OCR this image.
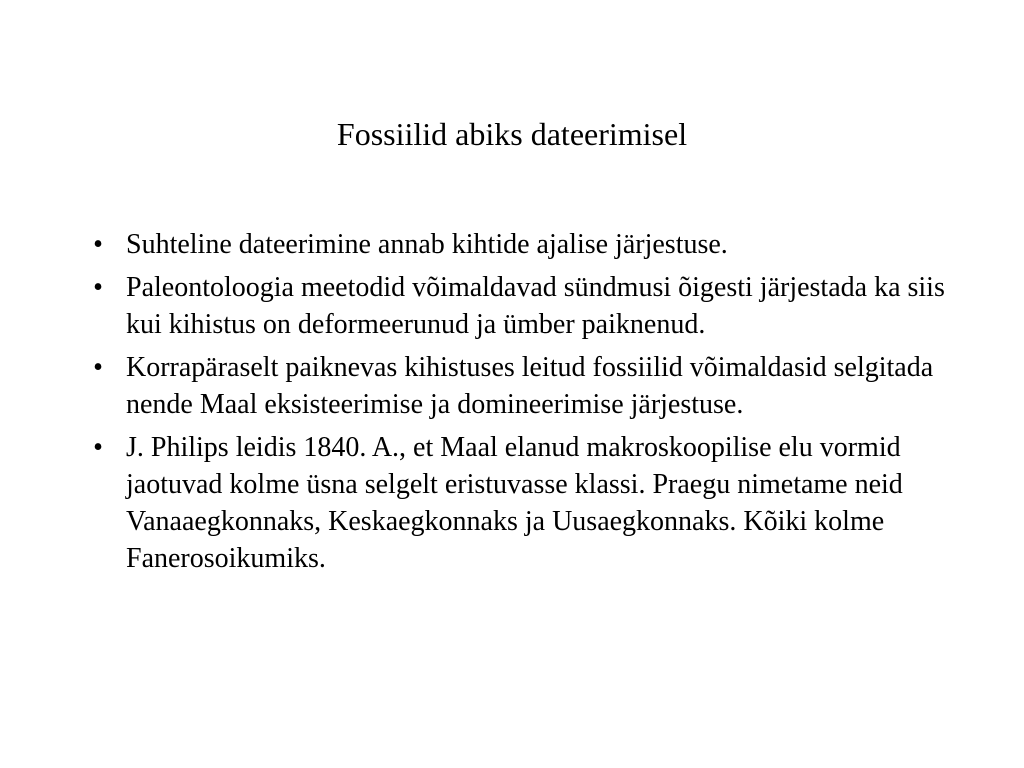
Fossiilid abiks dateerimisel
• Suhteline dateerimine annab kihtide ajalise järjestuse.
• Paleontoloogia meetodid võimaldavad sündmusi õigesti järjestada ka siis kui kihistus on deformeerunud ja ümber paiknenud.
• Korrapäraselt paiknevas kihistuses leitud fossiilid võimaldasid selgitada nende Maal eksisteerimise ja domineerimise järjestuse.
• J. Philips leidis 1840. A., et Maal elanud makroskoopilise elu vormid jaotuvad kolme üsna selgelt eristuvasse klassi. Praegu nimetame neid Vanaaegkonnaks, Keskaegkonnaks ja Uusaegkonnaks. Kõiki kolme Fanerosoikumiks.
